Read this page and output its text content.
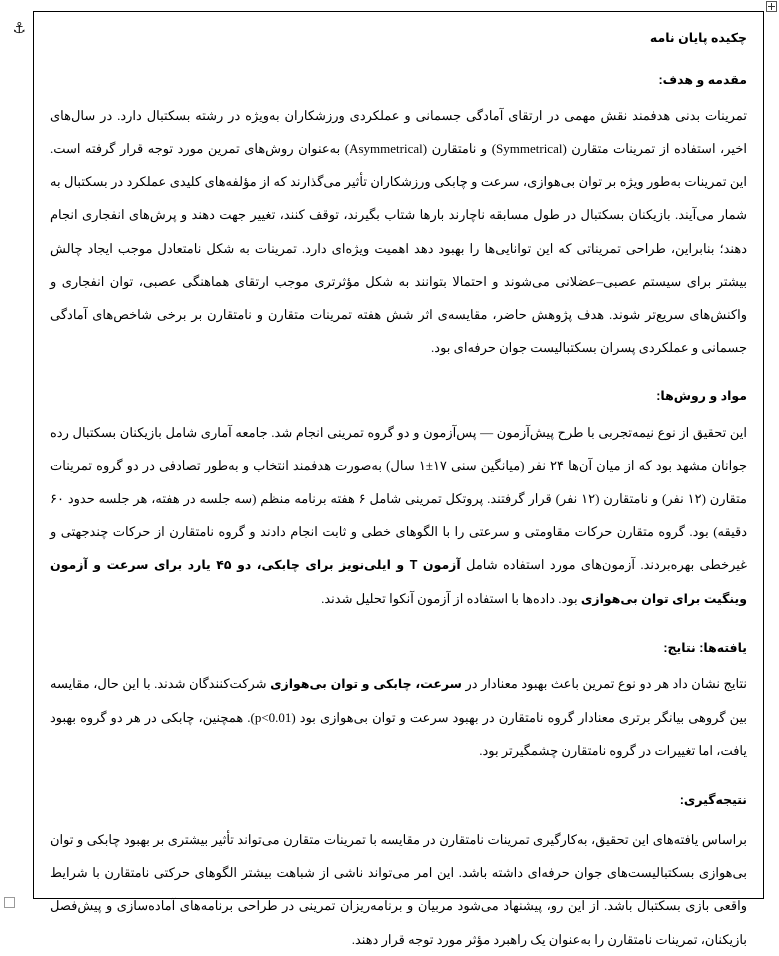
⚓
چکیده پایان نامه
مقدمه و هدف:

تمرینات بدنی هدفمند نقش مهمی در ارتقای آمادگی جسمانی و عملکردی ورزشکاران به‌ویژه در رشته بسکتبال دارد. در سال‌های اخیر، استفاده از تمرینات متقارن (Symmetrical) و نامتقارن (Asymmetrical) به‌عنوان روش‌های تمرین مورد توجه قرار گرفته است. این تمرینات به‌طور ویژه بر توان بی‌هوازی، سرعت و چابکی ورزشکاران تأثیر می‌گذارند که از مؤلفه‌های کلیدی عملکرد در بسکتبال به شمار می‌آیند. بازیکنان بسکتبال در طول مسابقه ناچارند بارها شتاب بگیرند، توقف کنند، تغییر جهت دهند و پرش‌های انفجاری انجام دهند؛ بنابراین، طراحی تمریناتی که این توانایی‌ها را بهبود دهد اهمیت ویژه‌ای دارد. تمرینات به شکل نامتعادل موجب ایجاد چالش بیشتر برای سیستم عصبی‌–عضلانی می‌شوند و احتمالا بتوانند به شکل مؤثرتری موجب ارتقای هماهنگی عصبی، توان انفجاری و واکنش‌های سریع‌تر شوند. هدف پژوهش حاضر، مقایسه‌ی اثر شش هفته تمرینات متقارن و نامتقارن بر برخی شاخص‌های آمادگی جسمانی و عملکردی پسران بسکتبالیست جوان حرفه‌ای بود.

مواد و روش‌ها:

این تحقیق از نوع نیمه‌تجربی با طرح پیش‌آزمون — پس‌آزمون و دو گروه تمرینی انجام شد. جامعه آماری شامل بازیکنان بسکتبال رده جوانان مشهد بود که از میان آن‌ها ۲۴ نفر (میانگین سنی ۱۷±۱ سال) به‌صورت هدفمند انتخاب و به‌طور تصادفی در دو گروه تمرینات متقارن (۱۲ نفر) و نامتقارن (۱۲ نفر) قرار گرفتند. پروتکل تمرینی شامل ۶ هفته برنامه منظم (سه جلسه در هفته، هر جلسه حدود ۶۰ دقیقه) بود. گروه متقارن حرکات مقاومتی و سرعتی را با الگوهای خطی و ثابت انجام دادند و گروه نامتقارن از حرکات چندجهتی و غیرخطی بهره‌بردند. آزمون‌های مورد استفاده شامل آزمون T و ایلی‌نویز برای چابکی، دو ۴۵ یارد برای سرعت و آزمون وینگیت برای توان بی‌هوازی بود. داده‌ها با استفاده از آزمون آنکوا تحلیل شدند.

یافته‌ها: نتایج:

نتایج نشان داد هر دو نوع تمرین باعث بهبود معنادار در سرعت، چابکی و توان بی‌هوازی شرکت‌کنندگان شدند. با این حال، مقایسه بین گروهی بیانگر برتری معنادار گروه نامتقارن در بهبود سرعت و توان بی‌هوازی بود (p<0.01). همچنین، چابکی در هر دو گروه بهبود یافت، اما تغییرات در گروه نامتقارن چشمگیرتر بود.

نتیجه‌گیری:

براساس یافته‌های این تحقیق، به‌کارگیری تمرینات نامتقارن در مقایسه با تمرینات متقارن می‌تواند تأثیر بیشتری بر بهبود چابکی و توان بی‌هوازی بسکتبالیست‌های جوان حرفه‌ای داشته باشد. این امر می‌تواند ناشی از شباهت بیشتر الگوهای حرکتی نامتقارن با شرایط واقعی بازی بسکتبال باشد. از این رو، پیشنهاد می‌شود مربیان و برنامه‌ریزان تمرینی در طراحی برنامه‌های آماده‌سازی و پیش‌فصل بازیکنان، تمرینات نامتقارن را به‌عنوان یک راهبرد مؤثر مورد توجه قرار دهند.
